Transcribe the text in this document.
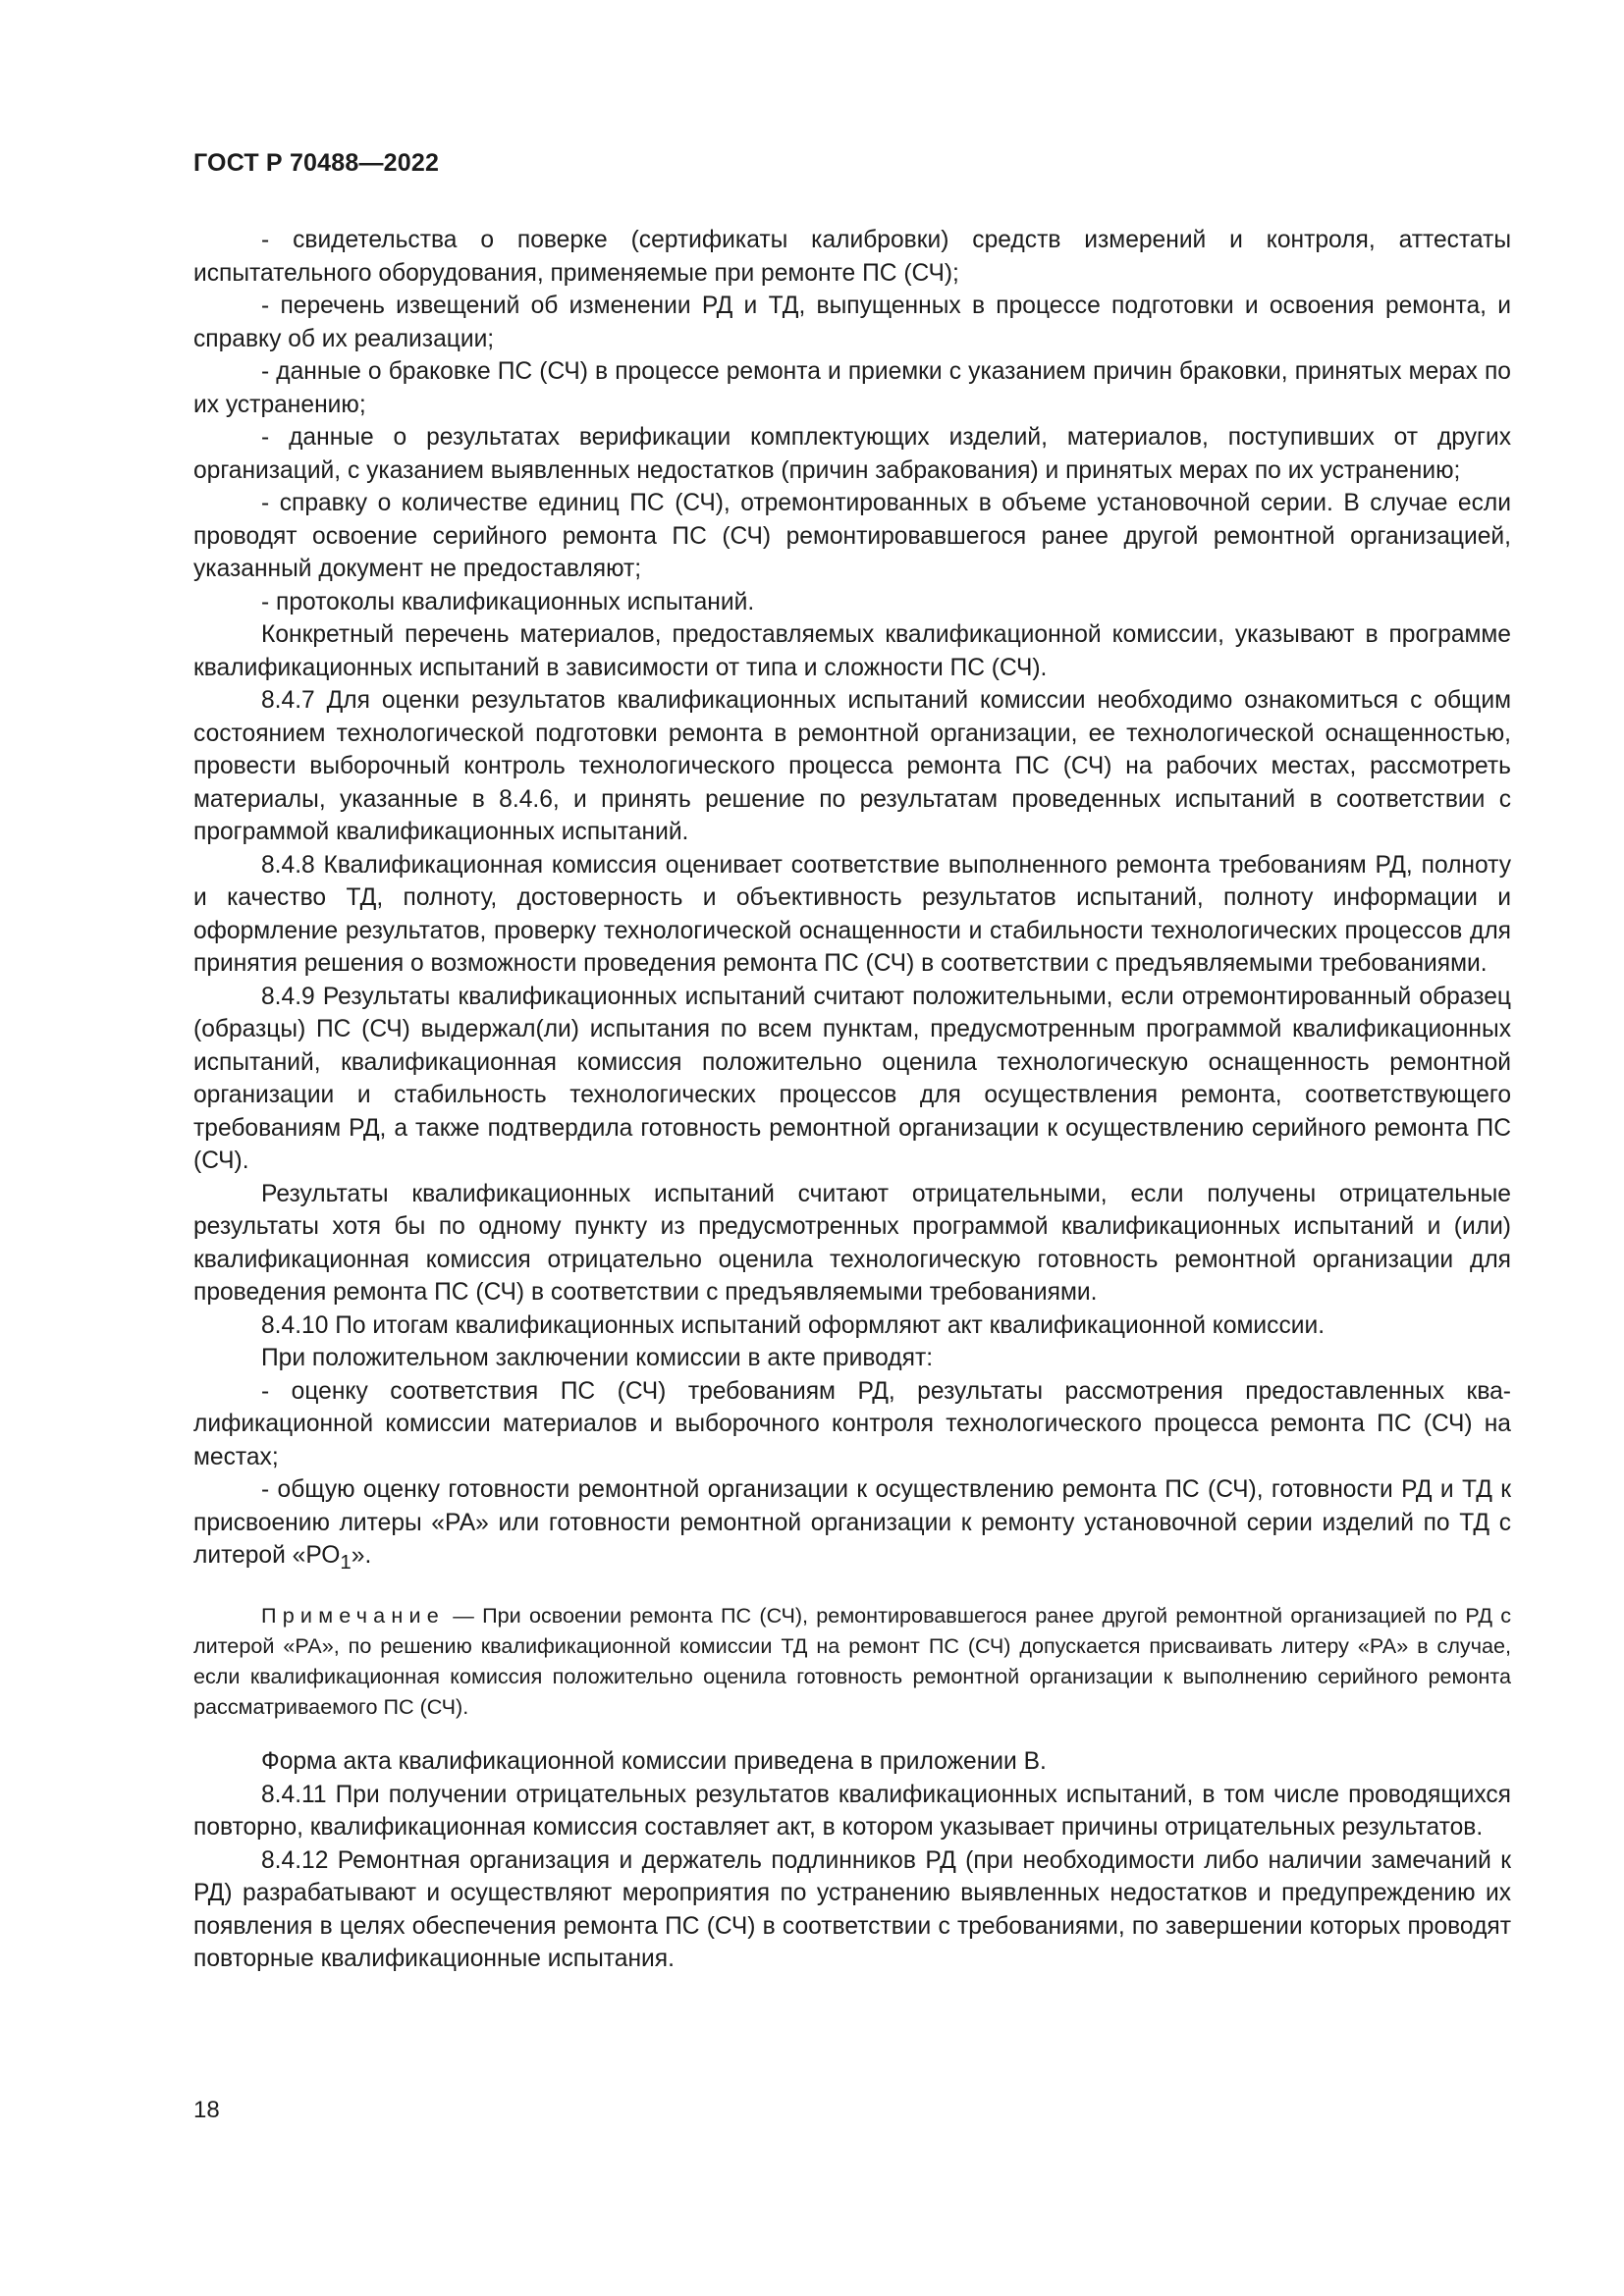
ГОСТ Р 70488—2022

- свидетельства о поверке (сертификаты калибровки) средств измерений и контроля, аттестаты испытательного оборудования, применяемые при ремонте ПС (СЧ);

- перечень извещений об изменении РД и ТД, выпущенных в процессе подготовки и освоения ремонта, и справку об их реализации;

- данные о браковке ПС (СЧ) в процессе ремонта и приемки с указанием причин браковки, принятых мерах по их устранению;

- данные о результатах верификации комплектующих изделий, материалов, поступивших от других организаций, с указанием выявленных недостатков (причин забракования) и принятых мерах по их устранению;

- справку о количестве единиц ПС (СЧ), отремонтированных в объеме установочной серии. В случае если проводят освоение серийного ремонта ПС (СЧ) ремонтировавшегося ранее другой ремонтной организацией, указанный документ не предоставляют;

- протоколы квалификационных испытаний.

Конкретный перечень материалов, предоставляемых квалификационной комиссии, указывают в программе квалификационных испытаний в зависимости от типа и сложности ПС (СЧ).

8.4.7 Для оценки результатов квалификационных испытаний комиссии необходимо ознакомиться с общим состоянием технологической подготовки ремонта в ремонтной организации, ее технологической оснащенностью, провести выборочный контроль технологического процесса ремонта ПС (СЧ) на рабочих местах, рассмотреть материалы, указанные в 8.4.6, и принять решение по результатам проведенных испытаний в соответствии с программой квалификационных испытаний.

8.4.8 Квалификационная комиссия оценивает соответствие выполненного ремонта требованиям РД, полноту и качество ТД, полноту, достоверность и объективность результатов испытаний, полноту информации и оформление результатов, проверку технологической оснащенности и стабильности технологических процессов для принятия решения о возможности проведения ремонта ПС (СЧ) в соответствии с предъявляемыми требованиями.

8.4.9 Результаты квалификационных испытаний считают положительными, если отремонтированный образец (образцы) ПС (СЧ) выдержал(ли) испытания по всем пунктам, предусмотренным программой квалификационных испытаний, квалификационная комиссия положительно оценила технологическую оснащенность ремонтной организации и стабильность технологических процессов для осуществления ремонта, соответствующего требованиям РД, а также подтвердила готовность ремонтной организации к осуществлению серийного ремонта ПС (СЧ).

Результаты квалификационных испытаний считают отрицательными, если получены отрицательные результаты хотя бы по одному пункту из предусмотренных программой квалификационных испытаний и (или) квалификационная комиссия отрицательно оценила технологическую готовность ремонтной организации для проведения ремонта ПС (СЧ) в соответствии с предъявляемыми требованиями.

8.4.10 По итогам квалификационных испытаний оформляют акт квалификационной комиссии.

При положительном заключении комиссии в акте приводят:

- оценку соответствия ПС (СЧ) требованиям РД, результаты рассмотрения предоставленных квалификационной комиссии материалов и выборочного контроля технологического процесса ремонта ПС (СЧ) на местах;

- общую оценку готовности ремонтной организации к осуществлению ремонта ПС (СЧ), готовности РД и ТД к присвоению литеры «РА» или готовности ремонтной организации к ремонту установочной серии изделий по ТД с литерой «$РО_1$».

Примечание — При освоении ремонта ПС (СЧ), ремонтировавшегося ранее другой ремонтной организацией по РД с литерой «РА», по решению квалификационной комиссии ТД на ремонт ПС (СЧ) допускается присваивать литеру «РА» в случае, если квалификационная комиссия положительно оценила готовность ремонтной организации к выполнению серийного ремонта рассматриваемого ПС (СЧ).

Форма акта квалификационной комиссии приведена в приложении В.

8.4.11 При получении отрицательных результатов квалификационных испытаний, в том числе проводящихся повторно, квалификационная комиссия составляет акт, в котором указывает причины отрицательных результатов.

8.4.12 Ремонтная организация и держатель подлинников РД (при необходимости либо наличии замечаний к РД) разрабатывают и осуществляют мероприятия по устранению выявленных недостатков и предупреждению их появления в целях обеспечения ремонта ПС (СЧ) в соответствии с требованиями, по завершении которых проводят повторные квалификационные испытания.

18
